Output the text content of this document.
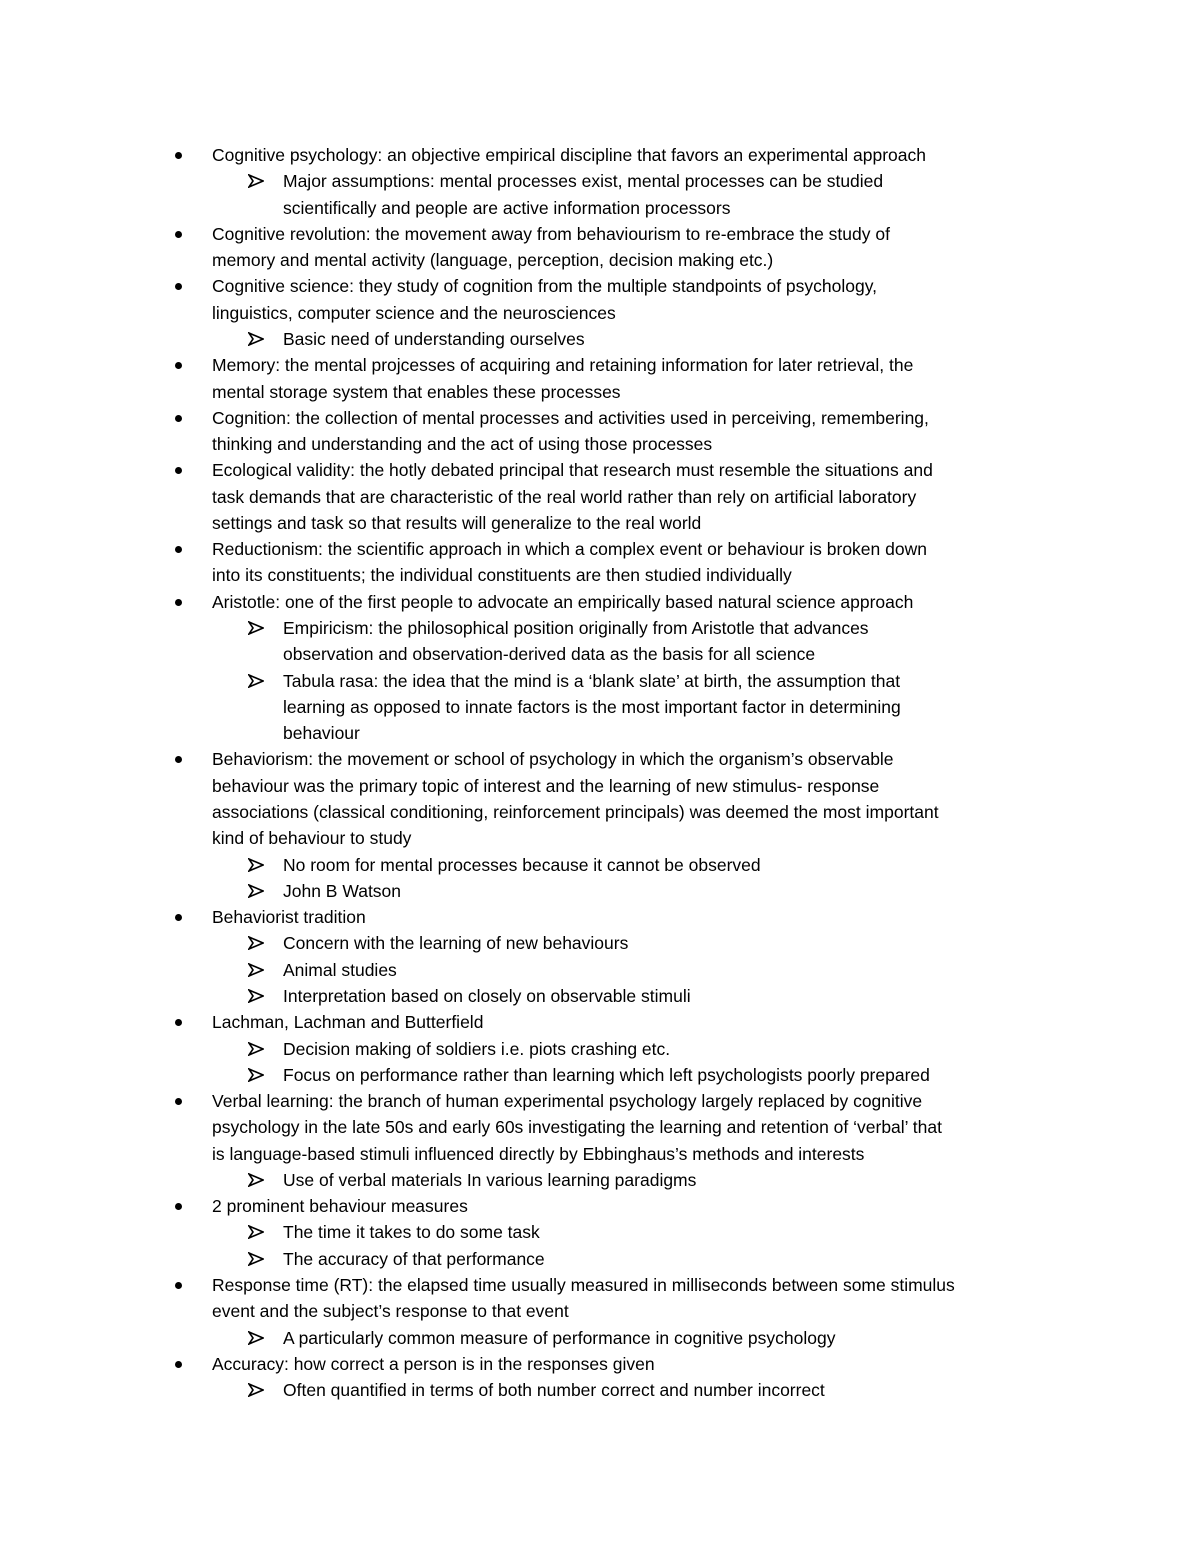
Cognitive psychology: an objective empirical discipline that favors an experimental approach
Major assumptions: mental processes exist, mental processes can be studied
scientifically and people are active information processors
Cognitive revolution: the movement away from behaviourism to re-embrace the study of
memory and mental activity (language, perception, decision making etc.)
Cognitive science: they study of cognition from the multiple standpoints of psychology,
linguistics, computer science and the neurosciences
Basic need of understanding ourselves
Memory: the mental projcesses of acquiring and retaining information for later retrieval, the
mental storage system that enables these processes
Cognition: the collection of mental processes and activities used in perceiving, remembering,
thinking and understanding and the act of using those processes
Ecological validity: the hotly debated principal that research must resemble the situations and
task demands that are characteristic of the real world rather than rely on artificial laboratory
settings and task so that results will generalize to the real world
Reductionism: the scientific approach in which a complex event or behaviour is broken down
into its constituents; the individual constituents are then studied individually
Aristotle: one of the first people to advocate an empirically based natural science approach
Empiricism: the philosophical position originally from Aristotle that advances
observation and observation-derived data as the basis for all science
Tabula rasa: the idea that the mind is a ‘blank slate’ at birth, the assumption that
learning as opposed to innate factors is the most important factor in determining
behaviour
Behaviorism: the movement or school of psychology in which the organism’s observable
behaviour was the primary topic of interest and the learning of new stimulus- response
associations (classical conditioning, reinforcement principals) was deemed the most important
kind of behaviour to study
No room for mental processes because it cannot be observed
John B Watson
Behaviorist tradition
Concern with the learning of new behaviours
Animal studies
Interpretation based on closely on observable stimuli
Lachman, Lachman and Butterfield
Decision making of soldiers i.e. piots crashing etc.
Focus on performance rather than learning which left psychologists poorly prepared
Verbal learning: the branch of human experimental psychology largely replaced by cognitive
psychology in the late 50s and early 60s investigating the learning and retention of ‘verbal’ that
is language-based stimuli influenced directly by Ebbinghaus’s methods and interests
Use of verbal materials In various learning paradigms
2 prominent behaviour measures
The time it takes to do some task
The accuracy of that performance
Response time (RT): the elapsed time usually measured in milliseconds between some stimulus
event and the subject’s response to that event
A particularly common measure of performance in cognitive psychology
Accuracy: how correct a person is in the responses given
Often quantified in terms of both number correct and number incorrect
